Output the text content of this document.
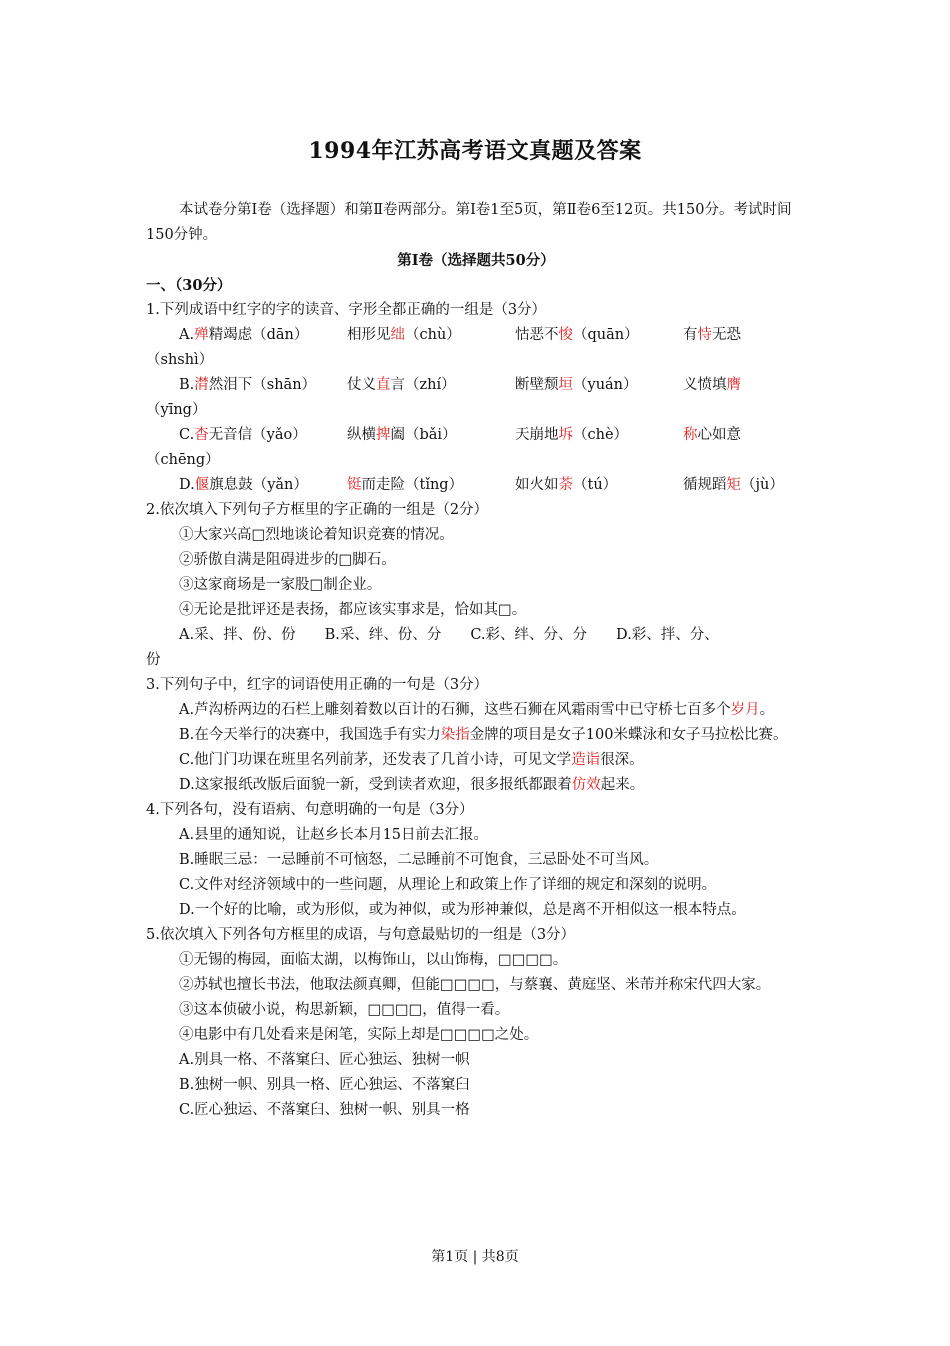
1994年江苏高考语文真题及答案
本试卷分第Ⅰ卷（选择题）和第Ⅱ卷两部分。第Ⅰ卷1至5页，第Ⅱ卷6至12页。共150分。考试时间150分钟。
第Ⅰ卷（选择题共50分）
一、（30分）
1.下列成语中红字的字的读音、字形全都正确的一组是（3分）
A.殚精竭虑（dān）	相形见绌（chù）	怙恶不悛（quān）	有恃无恐
（shshì）
B.潸然泪下（shān）	仗义直言（zhí）	断壁颓垣（yuán）	义愤填膺
（yīng）
C.杳无音信（yǎo）	纵横捭阖（bǎi）	天崩地坼（chè）	称心如意
（chēng）
D.偃旗息鼓（yǎn）	铤而走险（tǐng）	如火如荼（tú）	循规蹈矩（jù）
2.依次填入下列句子方框里的字正确的一组是（2分）
①大家兴高□烈地谈论着知识竞赛的情况。
②骄傲自满是阻碍进步的□脚石。
③这家商场是一家股□制企业。
④无论是批评还是表扬，都应该实事求是，恰如其□。
A.采、拌、份、份　　B.采、绊、份、分　　C.彩、绊、分、分　　D.彩、拌、分、
份
3.下列句子中，红字的词语使用正确的一句是（3分）
A.芦沟桥两边的石栏上雕刻着数以百计的石狮，这些石狮在风霜雨雪中已守桥七百多个岁月。
B.在今天举行的决赛中，我国选手有实力染指金牌的项目是女子100米蝶泳和女子马拉松比赛。
C.他门门功课在班里名列前茅，还发表了几首小诗，可见文学造诣很深。
D.这家报纸改版后面貌一新，受到读者欢迎，很多报纸都跟着仿效起来。
4.下列各句，没有语病、句意明确的一句是（3分）
A.县里的通知说，让赵乡长本月15日前去汇报。
B.睡眠三忌：一忌睡前不可恼怒，二忌睡前不可饱食，三忌卧处不可当风。
C.文件对经济领域中的一些问题，从理论上和政策上作了详细的规定和深刻的说明。
D.一个好的比喻，或为形似，或为神似，或为形神兼似，总是离不开相似这一根本特点。
5.依次填入下列各句方框里的成语，与句意最贴切的一组是（3分）
①无锡的梅园，面临太湖，以梅饰山，以山饰梅，□□□□。
②苏轼也擅长书法，他取法颜真卿，但能□□□□，与蔡襄、黄庭坚、米芾并称宋代四大家。
③这本侦破小说，构思新颖，□□□□，值得一看。
④电影中有几处看来是闲笔，实际上却是□□□□之处。
A.别具一格、不落窠臼、匠心独运、独树一帜
B.独树一帜、别具一格、匠心独运、不落窠臼
C.匠心独运、不落窠臼、独树一帜、别具一格
第1页 | 共8页
